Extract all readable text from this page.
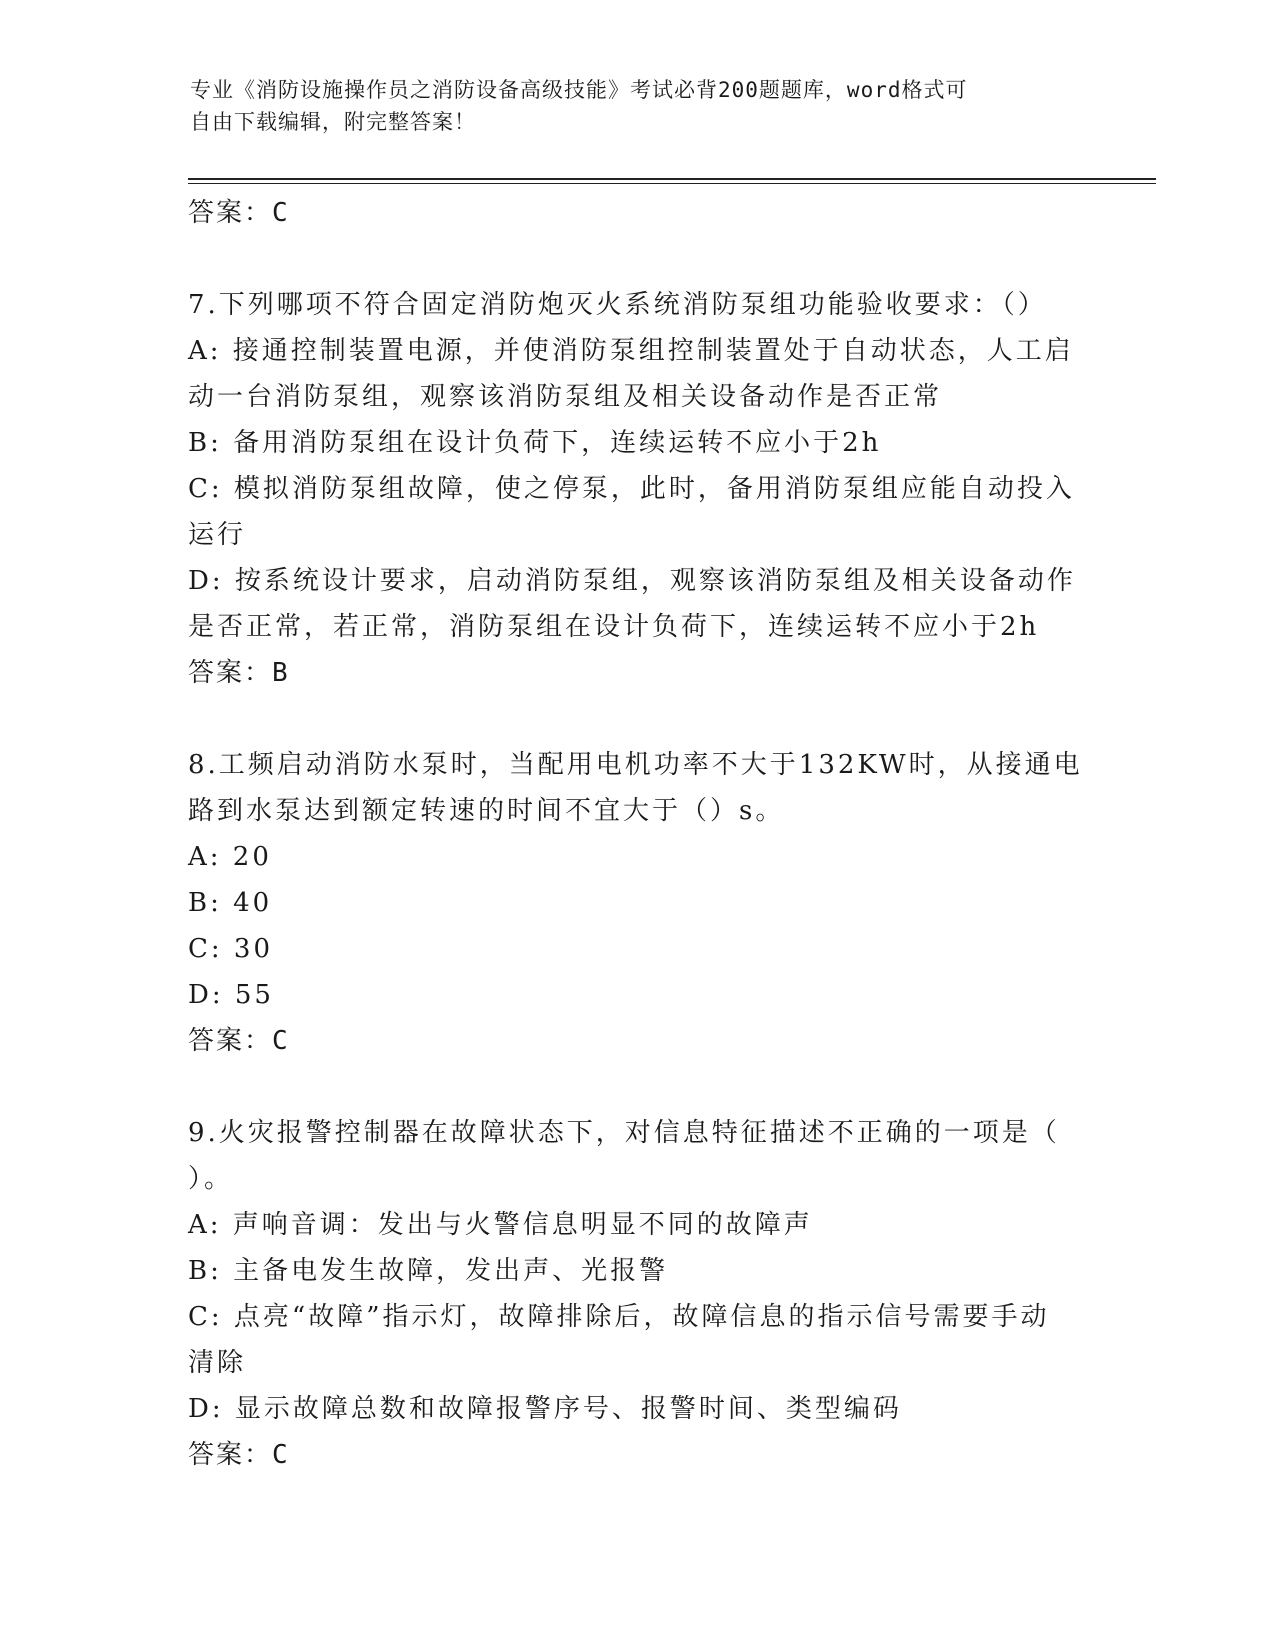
专业《消防设施操作员之消防设备高级技能》考试必背200题题库，word格式可
自由下载编辑，附完整答案！
答案：C
7.下列哪项不符合固定消防炮灭火系统消防泵组功能验收要求：（）
A: 接通控制装置电源，并使消防泵组控制装置处于自动状态，人工启
动一台消防泵组，观察该消防泵组及相关设备动作是否正常
B: 备用消防泵组在设计负荷下，连续运转不应小于2h
C: 模拟消防泵组故障，使之停泵，此时，备用消防泵组应能自动投入
运行
D: 按系统设计要求，启动消防泵组，观察该消防泵组及相关设备动作
是否正常，若正常，消防泵组在设计负荷下，连续运转不应小于2h
答案：B
8.工频启动消防水泵时，当配用电机功率不大于132KW时，从接通电
路到水泵达到额定转速的时间不宜大于（）s。
A: 20
B: 40
C: 30
D: 55
答案：C
9.火灾报警控制器在故障状态下，对信息特征描述不正确的一项是（
）。
A: 声响音调：发出与火警信息明显不同的故障声
B: 主备电发生故障，发出声、光报警
C: 点亮“故障”指示灯，故障排除后，故障信息的指示信号需要手动
清除
D: 显示故障总数和故障报警序号、报警时间、类型编码
答案：C
